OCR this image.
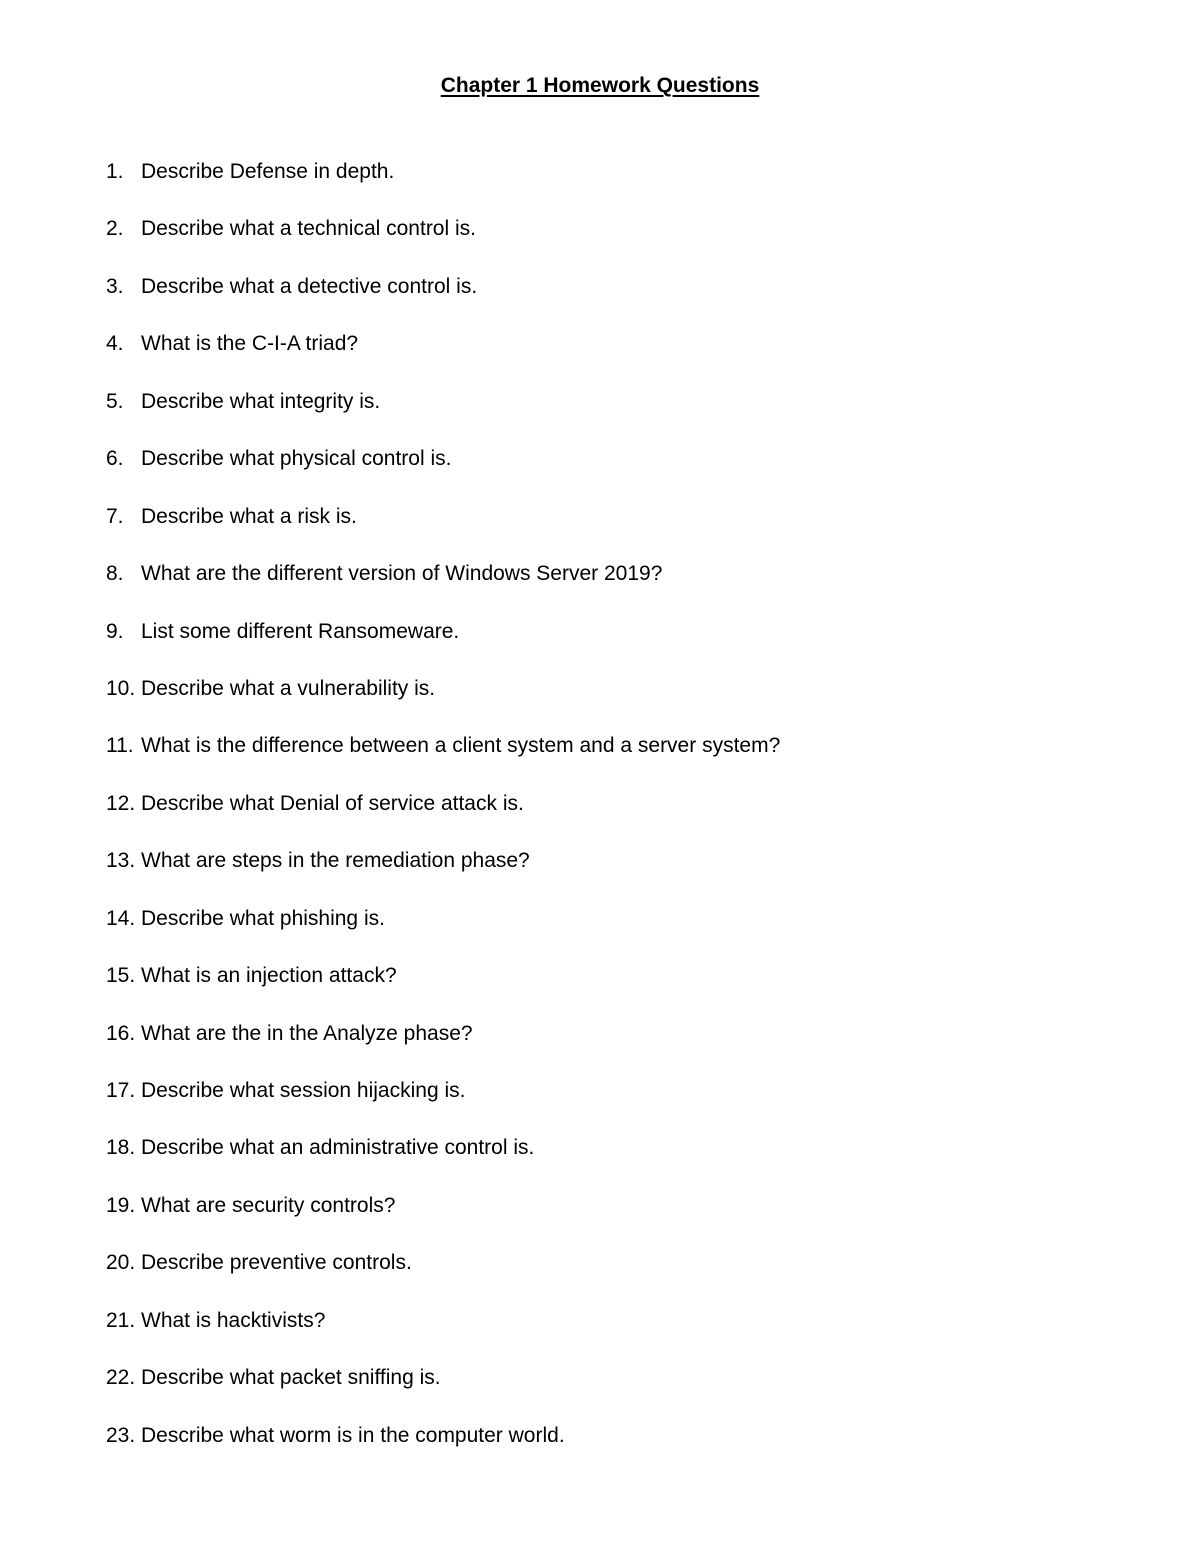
Chapter 1 Homework Questions
1. Describe Defense in depth.
2. Describe what a technical control is.
3. Describe what a detective control is.
4. What is the C-I-A triad?
5. Describe what integrity is.
6. Describe what physical control is.
7. Describe what a risk is.
8. What are the different version of Windows Server 2019?
9. List some different Ransomeware.
10. Describe what a vulnerability is.
11. What is the difference between a client system and a server system?
12. Describe what Denial of service attack is.
13. What are steps in the remediation phase?
14. Describe what phishing is.
15. What is an injection attack?
16. What are the in the Analyze phase?
17. Describe what session hijacking is.
18. Describe what an administrative control is.
19. What are security controls?
20. Describe preventive controls.
21. What is hacktivists?
22. Describe what packet sniffing is.
23. Describe what worm is in the computer world.
